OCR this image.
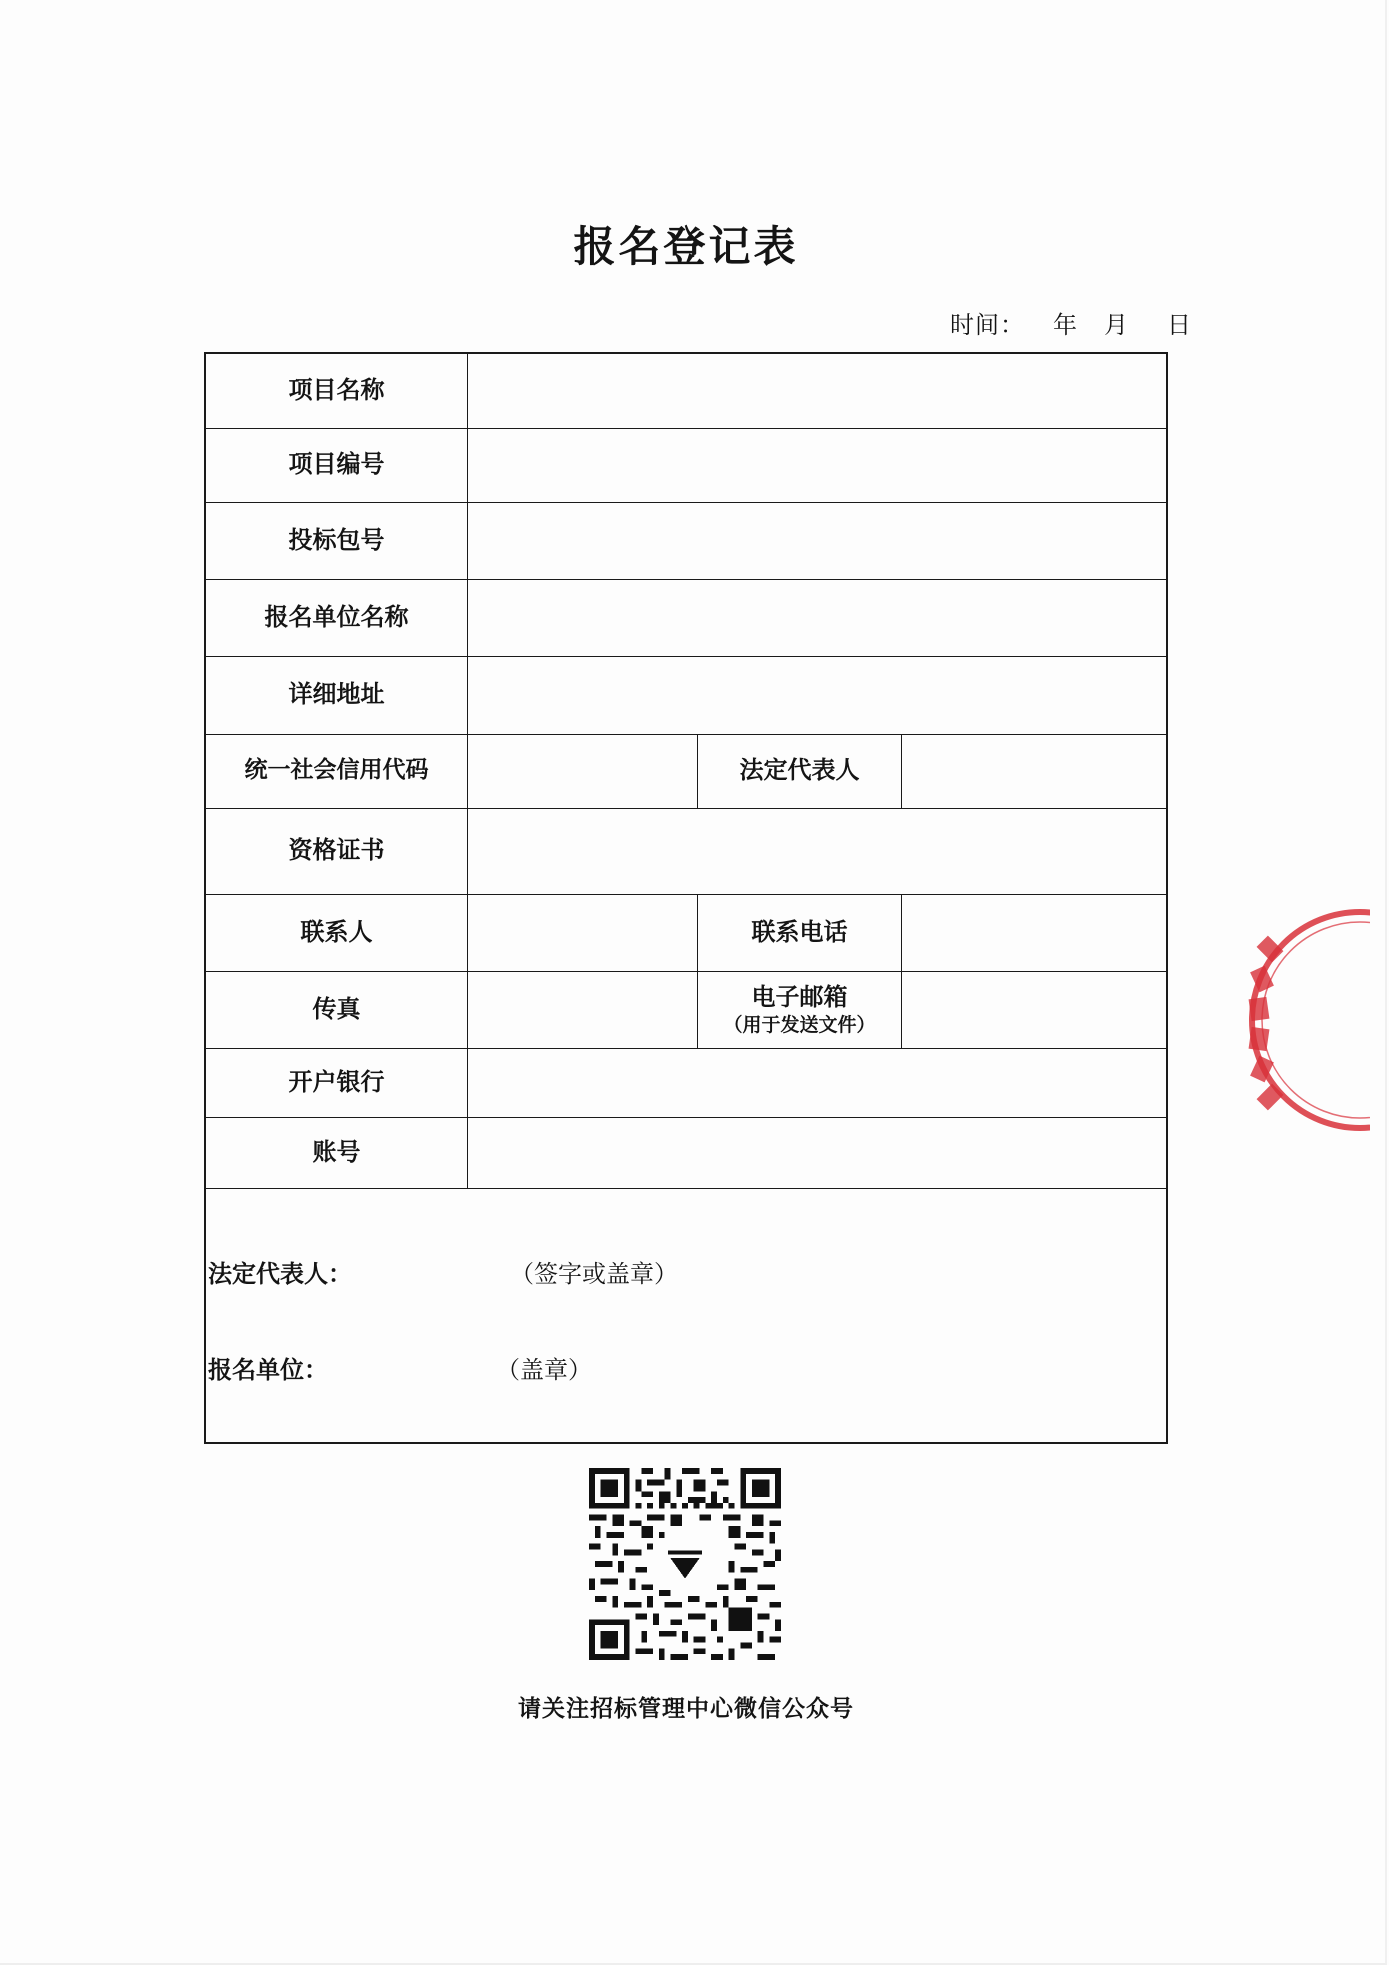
报名登记表
时间： 年 月 日
项目名称
项目编号
投标包号
报名单位名称
详细地址
统一社会信用代码	法定代表人
资格证书
联系人	联系电话
传真	电子邮箱
（用于发送文件）
开户银行
账号
法定代表人：	（签字或盖章）
报名单位：	（盖章）
请关注招标管理中心微信公众号
